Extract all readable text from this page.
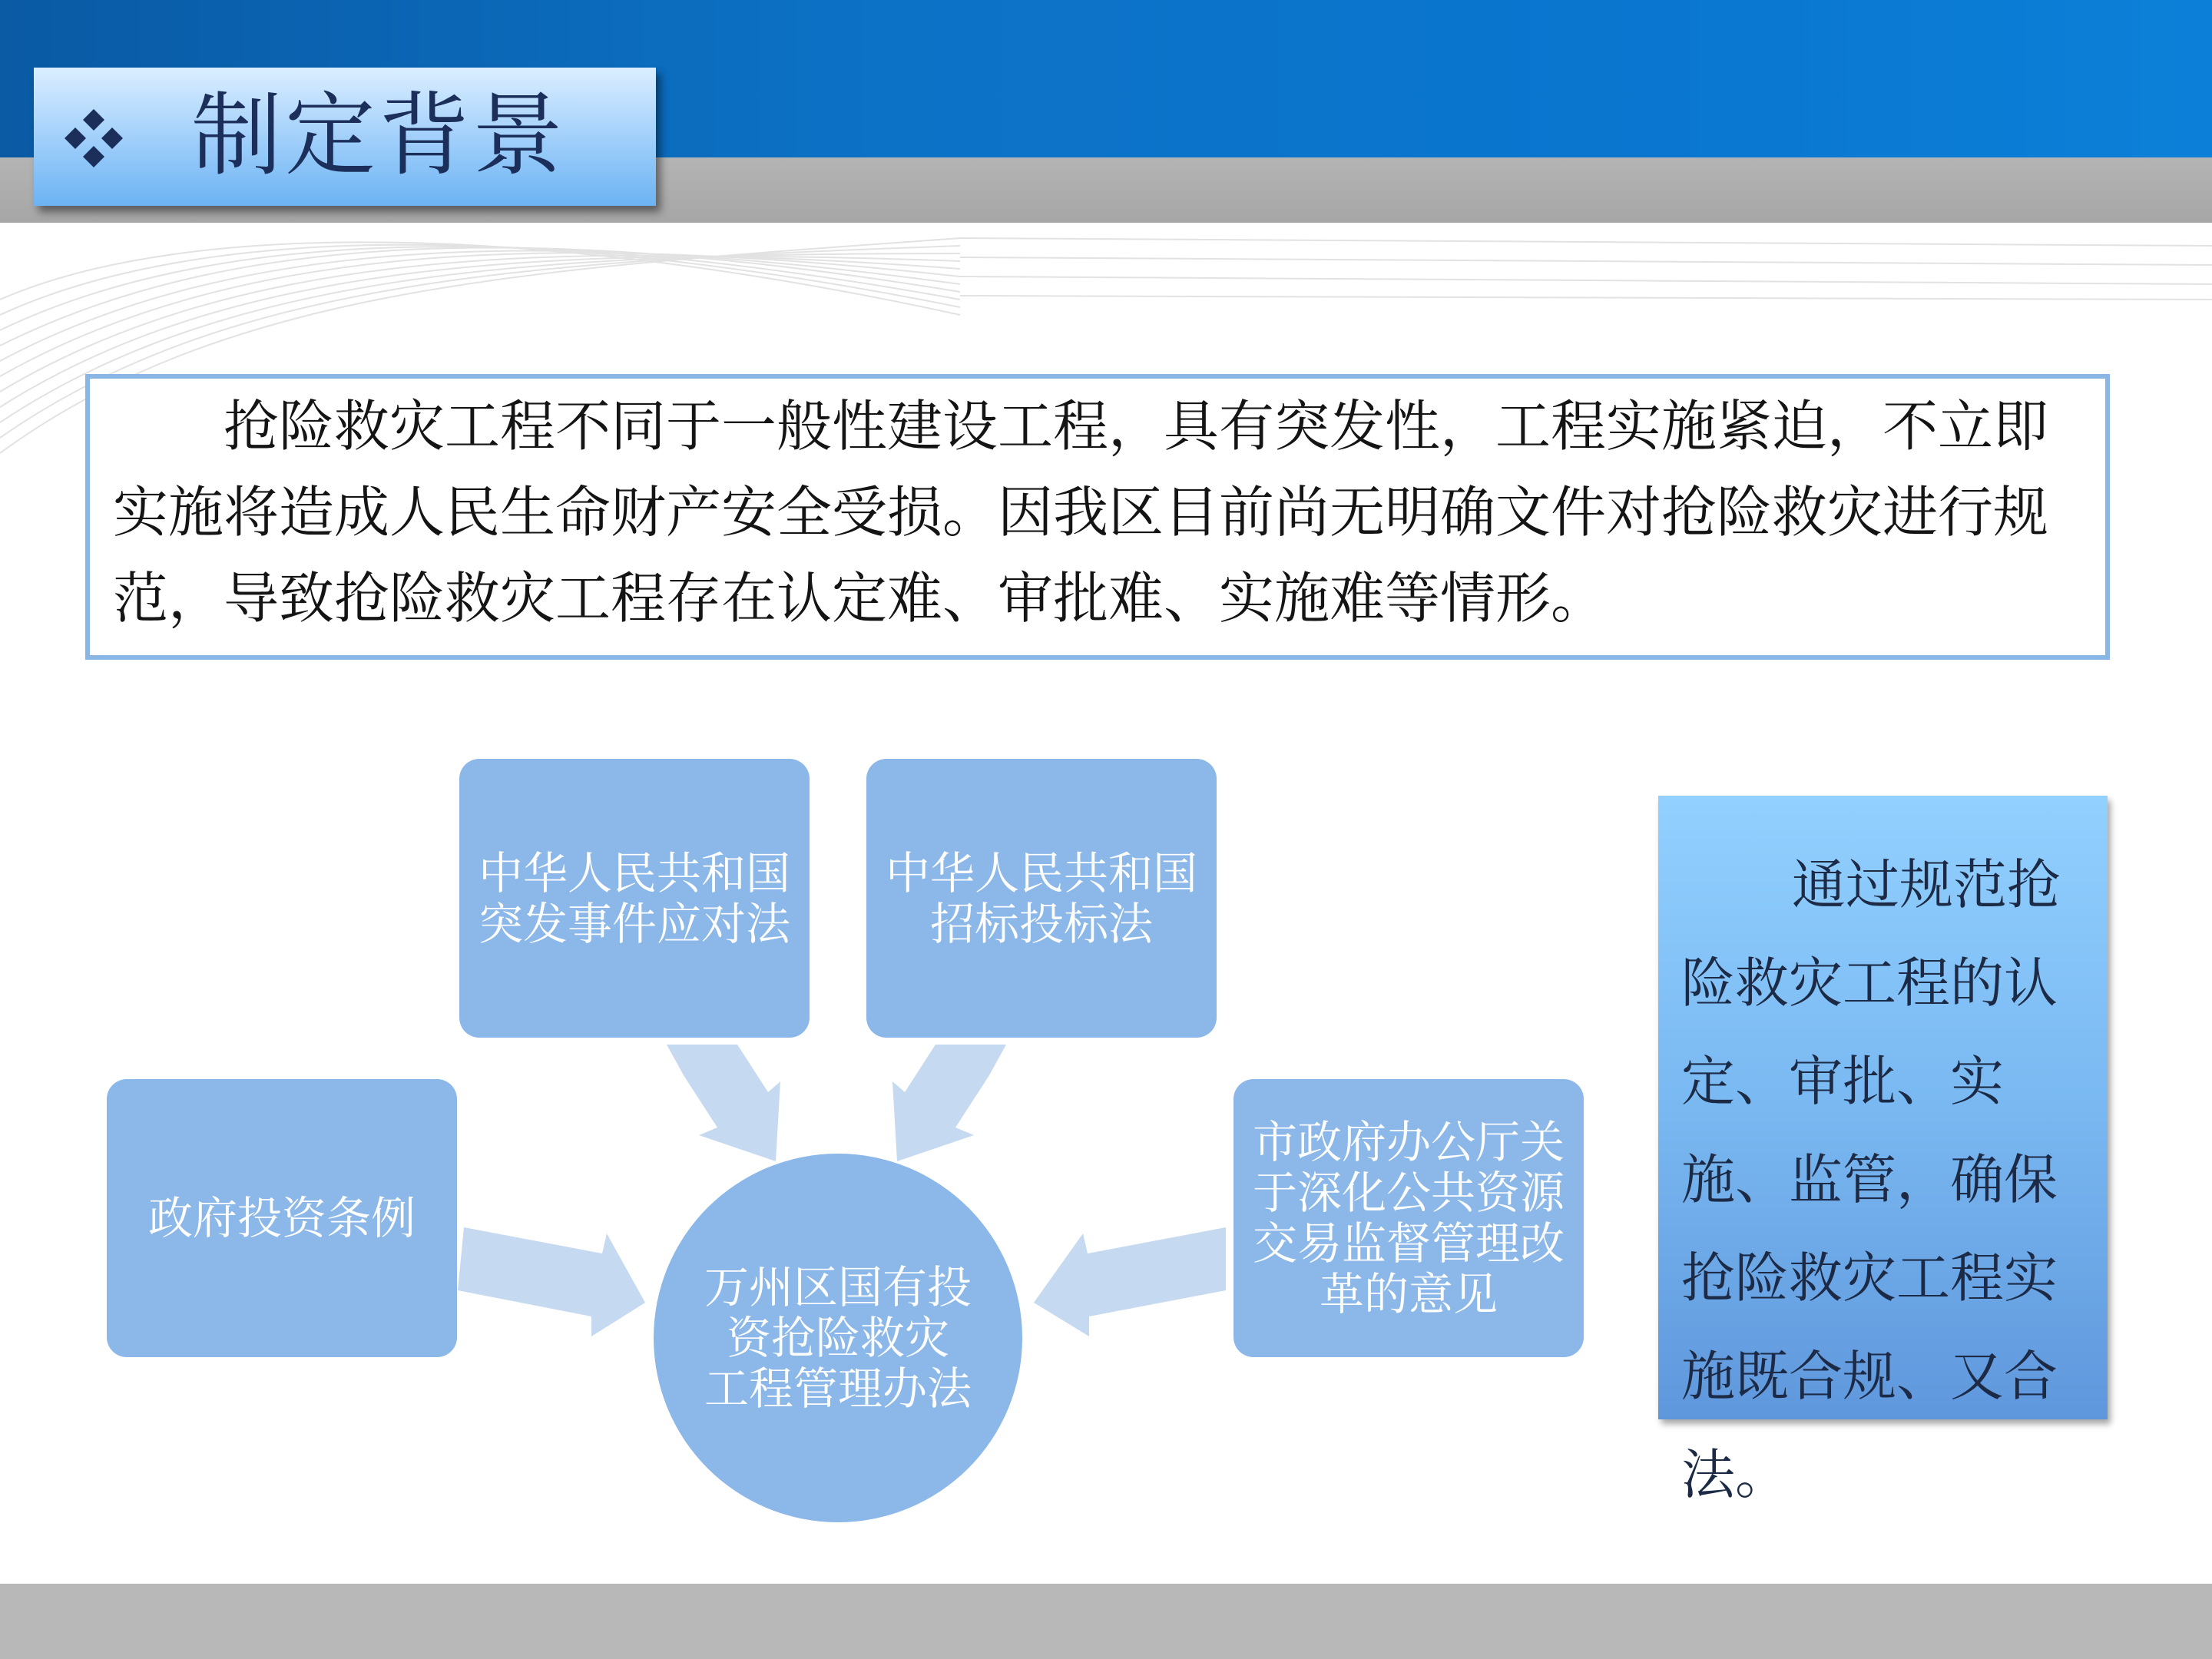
制定背景

抢险救灾工程不同于一般性建设工程，具有突发性，工程实施紧迫，不立即实施将造成人民生命财产安全受损。因我区目前尚无明确文件对抢险救灾进行规范，导致抢险救灾工程存在认定难、审批难、实施难等情形。

中华人民共和国
突发事件应对法
中华人民共和国
招标投标法
政府投资条例
市政府办公厅关
于深化公共资源
交易监督管理改
革的意见
万州区国有投
资抢险救灾
工程管理办法

通过规范抢险救灾工程的认定、审批、实施、监管，确保抢险救灾工程实施既合规、又合法。
